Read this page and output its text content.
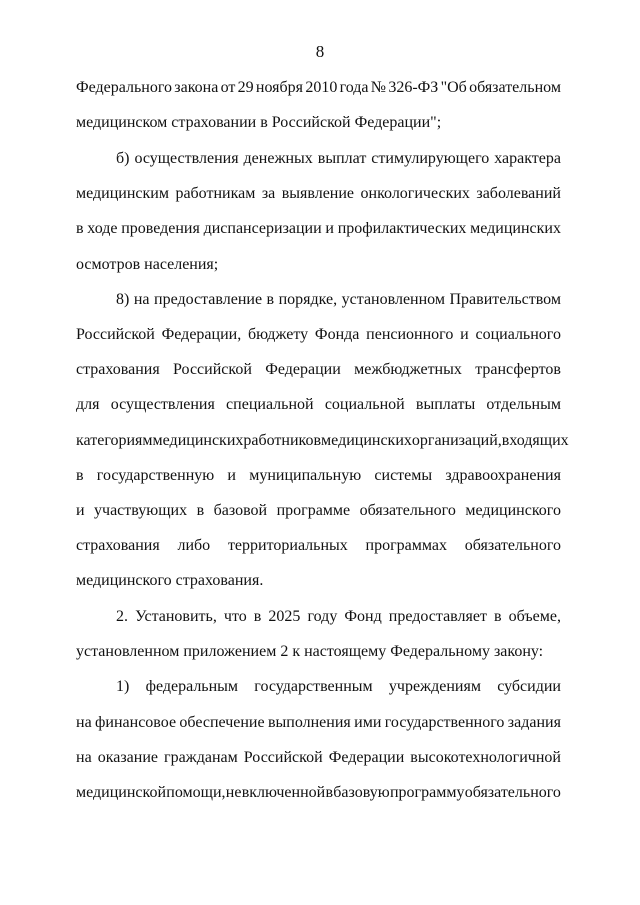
8
Федерального закона от 29 ноября 2010 года № 326-ФЗ "Об обязательном
медицинском страховании в Российской Федерации";
б) осуществления денежных выплат стимулирующего характера
медицинским работникам за выявление онкологических заболеваний
в ходе проведения диспансеризации и профилактических медицинских
осмотров населения;
8) на предоставление в порядке, установленном Правительством
Российской Федерации, бюджету Фонда пенсионного и социального
страхования Российской Федерации межбюджетных трансфертов
для осуществления специальной социальной выплаты отдельным
категориям медицинских работников медицинских организаций, входящих
в государственную и муниципальную системы здравоохранения
и участвующих в базовой программе обязательного медицинского
страхования либо территориальных программах обязательного
медицинского страхования.
2. Установить, что в 2025 году Фонд предоставляет в объеме,
установленном приложением 2 к настоящему Федеральному закону:
1) федеральным государственным учреждениям субсидии
на финансовое обеспечение выполнения ими государственного задания
на оказание гражданам Российской Федерации высокотехнологичной
медицинской помощи, не включенной в базовую программу обязательного
